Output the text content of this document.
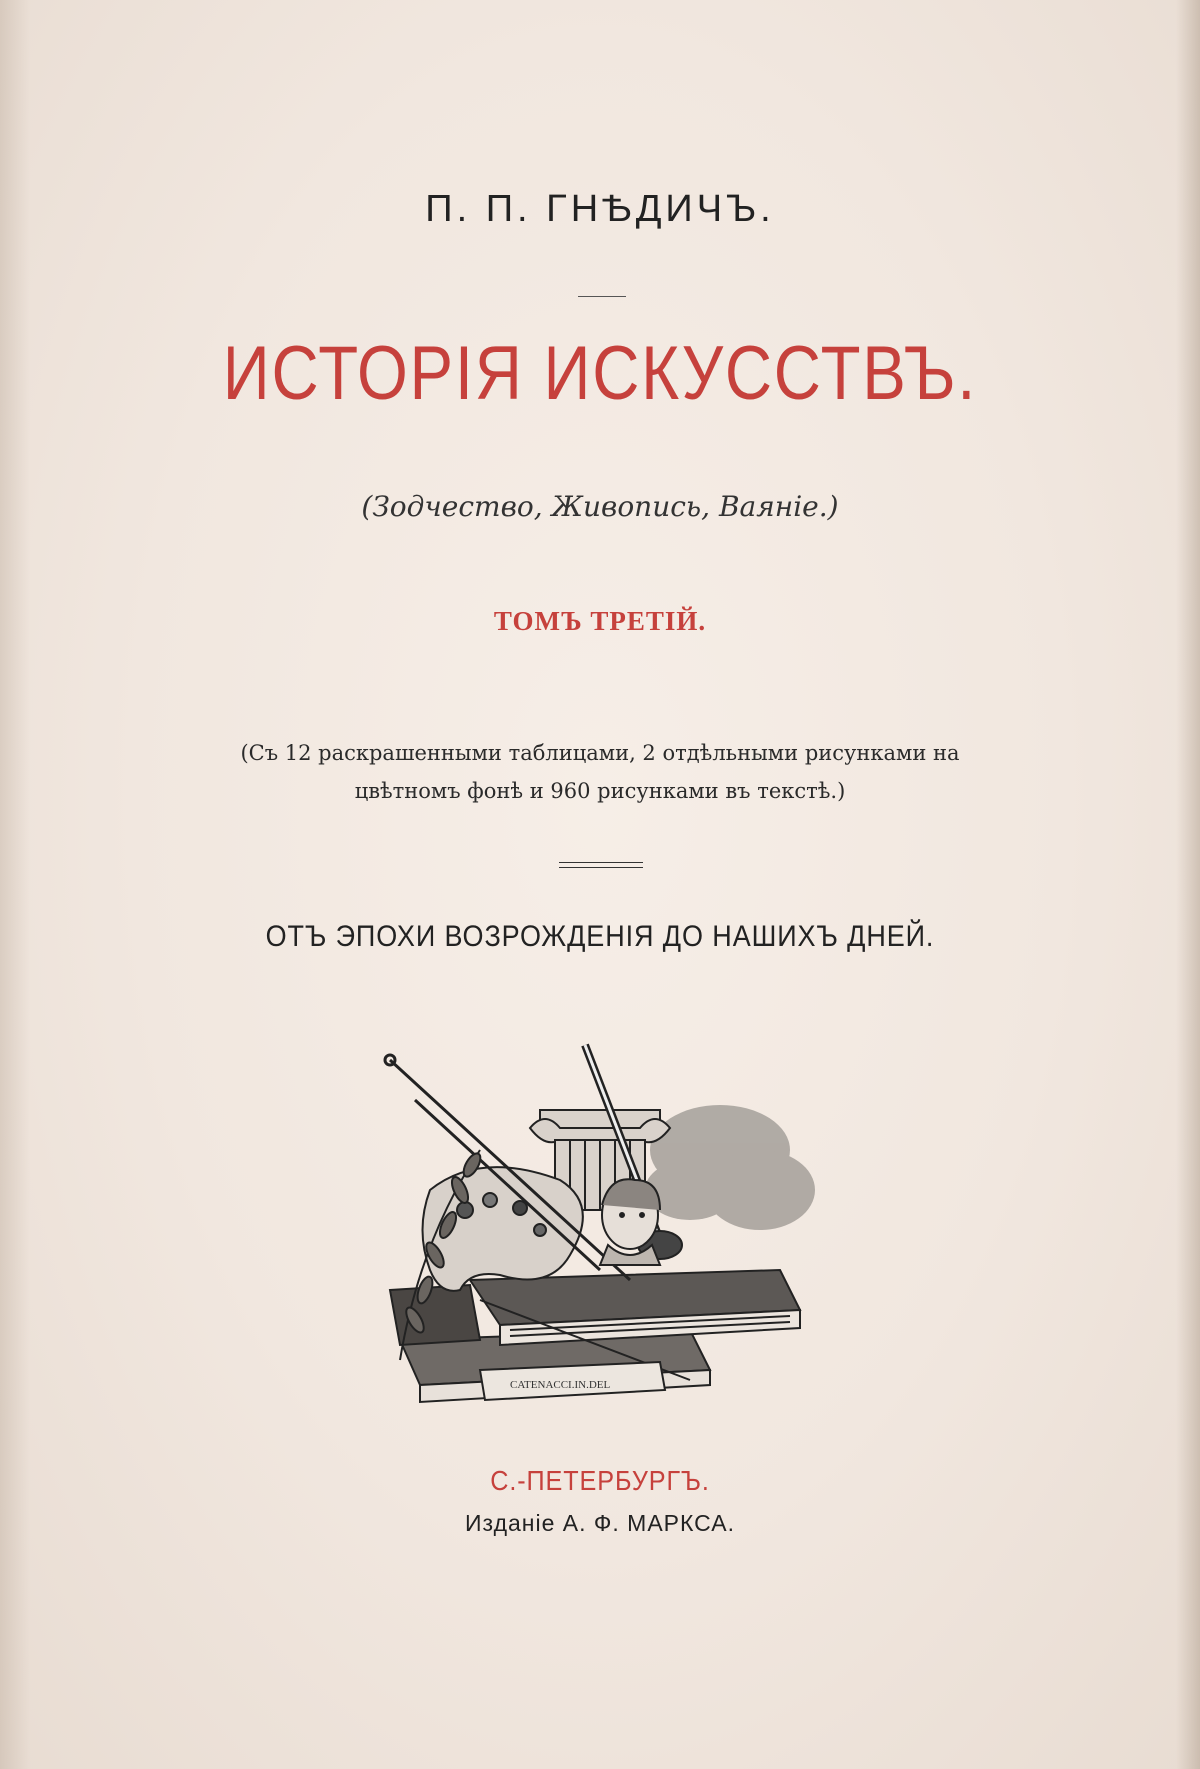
П. П. ГНѢДИЧЪ.
ИСТОРІЯ ИСКУССТВЪ.
(Зодчество, Живопись, Ваяніе.)
ТОМЪ ТРЕТІЙ.
(Съ 12 раскрашенными таблицами, 2 отдѣльными рисунками на
цвѣтномъ фонѣ и 960 рисунками въ текстѣ.)
ОТЪ ЭПОХИ ВОЗРОЖДЕНІЯ ДО НАШИХЪ ДНЕЙ.
CATENACCI.IN.DEL
С.-ПЕТЕРБУРГЪ.
Изданіе А. Ф. МАРКСА.
